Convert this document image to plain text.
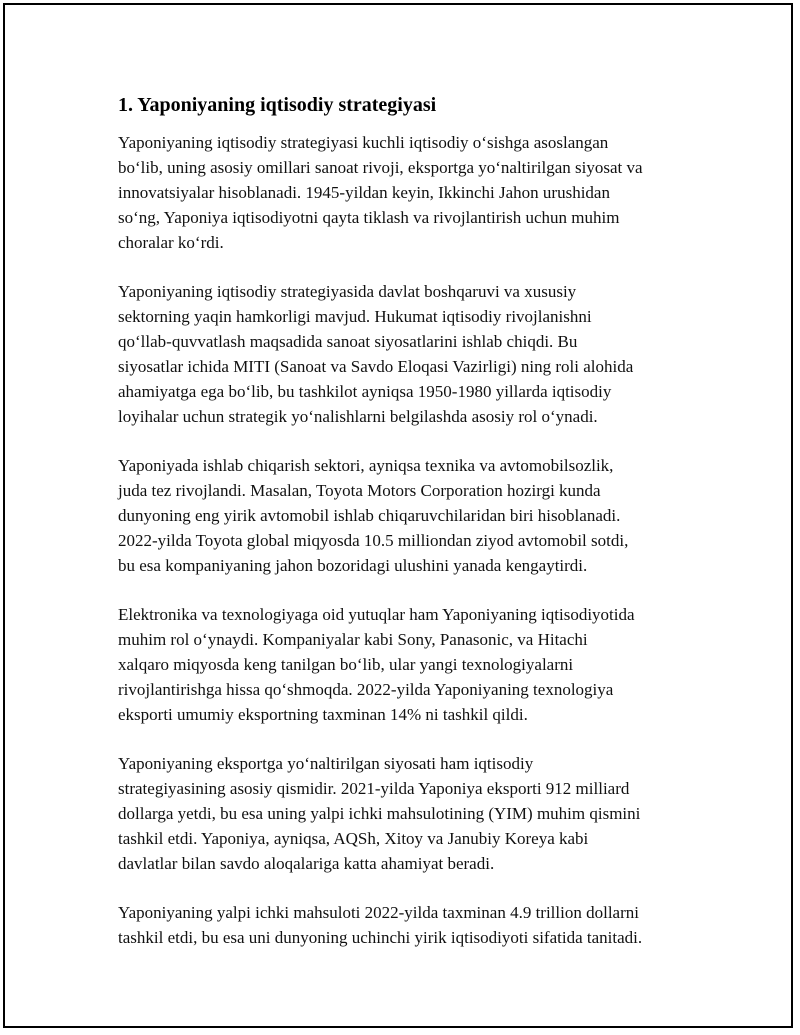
1. Yaponiyaning iqtisodiy strategiyasi

Yaponiyaning iqtisodiy strategiyasi kuchli iqtisodiy oʻsishga asoslangan
boʻlib, uning asosiy omillari sanoat rivoji, eksportga yoʻnaltirilgan siyosat va
innovatsiyalar hisoblanadi. 1945-yildan keyin, Ikkinchi Jahon urushidan
soʻng, Yaponiya iqtisodiyotni qayta tiklash va rivojlantirish uchun muhim
choralar koʻrdi.

Yaponiyaning iqtisodiy strategiyasida davlat boshqaruvi va xususiy
sektorning yaqin hamkorligi mavjud. Hukumat iqtisodiy rivojlanishni
qoʻllab-quvvatlash maqsadida sanoat siyosatlarini ishlab chiqdi. Bu
siyosatlar ichida MITI (Sanoat va Savdo Eloqasi Vazirligi) ning roli alohida
ahamiyatga ega boʻlib, bu tashkilot ayniqsa 1950-1980 yillarda iqtisodiy
loyihalar uchun strategik yoʻnalishlarni belgilashda asosiy rol oʻynadi.

Yaponiyada ishlab chiqarish sektori, ayniqsa texnika va avtomobilsozlik,
juda tez rivojlandi. Masalan, Toyota Motors Corporation hozirgi kunda
dunyoning eng yirik avtomobil ishlab chiqaruvchilaridan biri hisoblanadi.
2022-yilda Toyota global miqyosda 10.5 milliondan ziyod avtomobil sotdi,
bu esa kompaniyaning jahon bozoridagi ulushini yanada kengaytirdi.

Elektronika va texnologiyaga oid yutuqlar ham Yaponiyaning iqtisodiyotida
muhim rol oʻynaydi. Kompaniyalar kabi Sony, Panasonic, va Hitachi
xalqaro miqyosda keng tanilgan boʻlib, ular yangi texnologiyalarni
rivojlantirishga hissa qoʻshmoqda. 2022-yilda Yaponiyaning texnologiya
eksporti umumiy eksportning taxminan 14% ni tashkil qildi.

Yaponiyaning eksportga yoʻnaltirilgan siyosati ham iqtisodiy
strategiyasining asosiy qismidir. 2021-yilda Yaponiya eksporti 912 milliard
dollarga yetdi, bu esa uning yalpi ichki mahsulotining (YIM) muhim qismini
tashkil etdi. Yaponiya, ayniqsa, AQSh, Xitoy va Janubiy Koreya kabi
davlatlar bilan savdo aloqalariga katta ahamiyat beradi.

Yaponiyaning yalpi ichki mahsuloti 2022-yilda taxminan 4.9 trillion dollarni
tashkil etdi, bu esa uni dunyoning uchinchi yirik iqtisodiyoti sifatida tanitadi.
